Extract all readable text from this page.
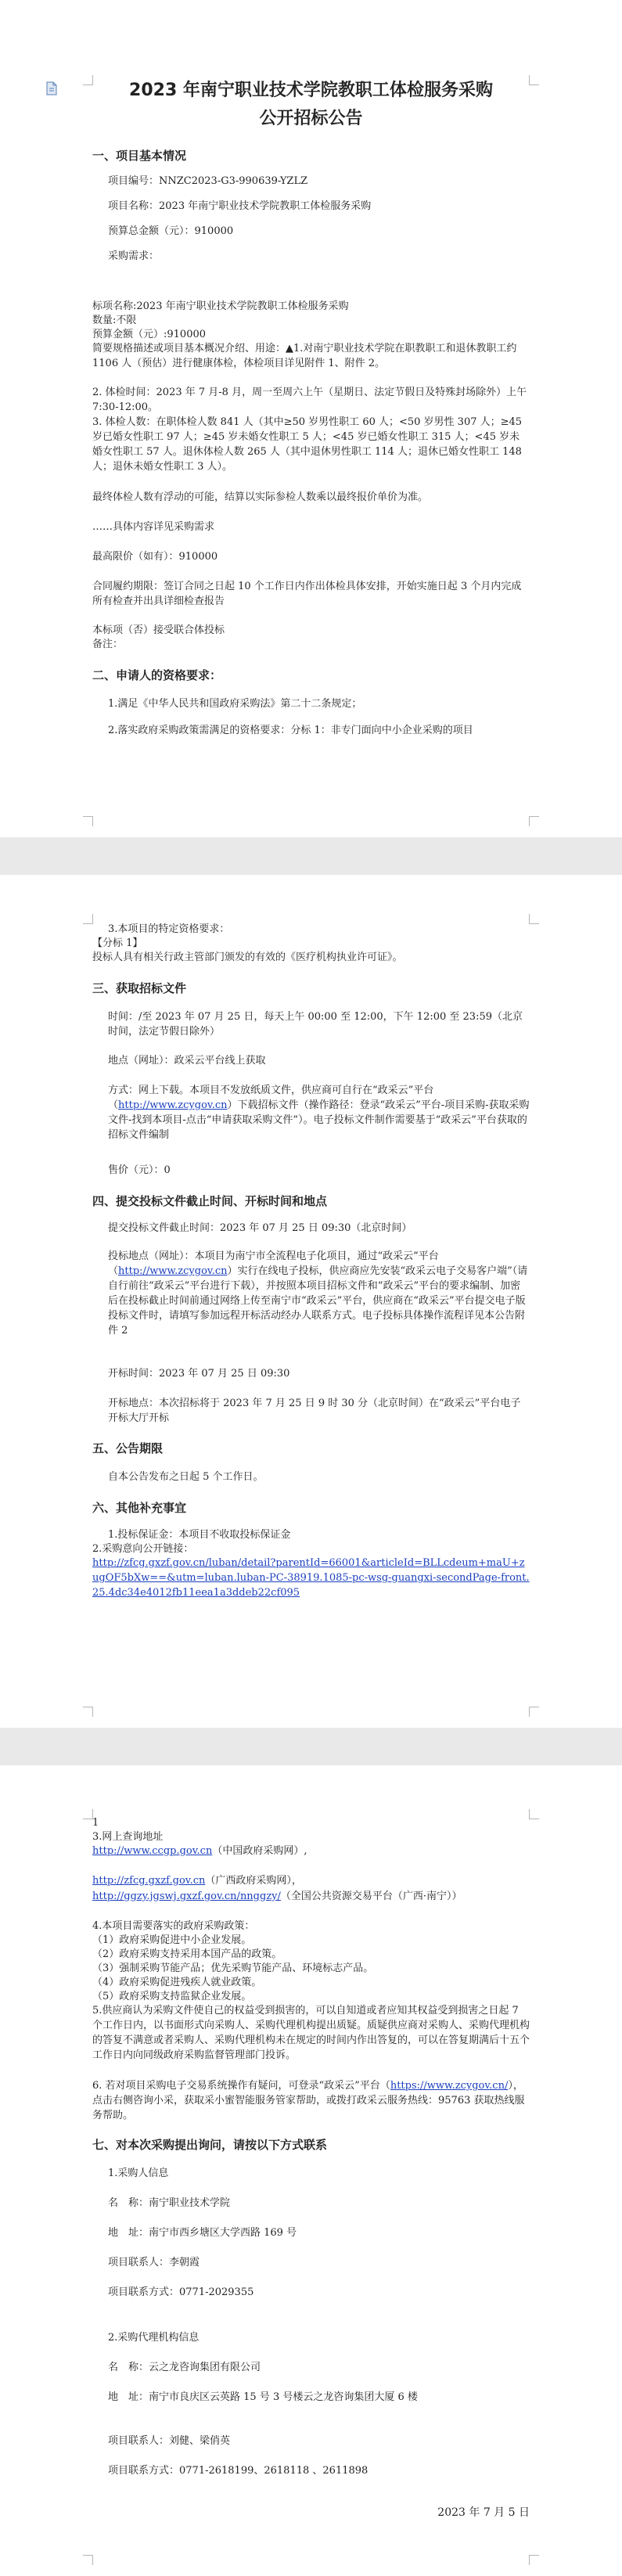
2023 年南宁职业技术学院教职工体检服务采购

公开招标公告

一、项目基本情况

项目编号：NNZC2023-G3-990639-YZLZ

项目名称：2023 年南宁职业技术学院教职工体检服务采购

预算总金额（元）：910000

采购需求：

标项名称:2023 年南宁职业技术学院教职工体检服务采购

数量:不限

预算金额（元）:910000

简要规格描述或项目基本概况介绍、用途：▲1.对南宁职业技术学院在职教职工和退休教职工约 1106 人（预估）进行健康体检，体检项目详见附件 1、附件 2。

2. 体检时间：2023 年 7 月-8 月，周一至周六上午（星期日、法定节假日及特殊封场除外）上午 7:30-12:00。

3. 体检人数：在职体检人数 841 人（其中≥50 岁男性职工 60 人；<50 岁男性 307 人；≥45 岁已婚女性职工 97 人；≥45 岁未婚女性职工 5 人；<45 岁已婚女性职工 315 人；<45 岁未婚女性职工 57 人。退休体检人数 265 人（其中退休男性职工 114 人；退休已婚女性职工 148 人；退休未婚女性职工 3 人）。

最终体检人数有浮动的可能，结算以实际参检人数乘以最终报价单价为准。

……具体内容详见采购需求

最高限价（如有）：910000

合同履约期限：签订合同之日起 10 个工作日内作出体检具体安排，开始实施日起 3 个月内完成所有检查并出具详细检查报告

本标项（否）接受联合体投标

备注：

二、申请人的资格要求：

1.满足《中华人民共和国政府采购法》第二十二条规定；

2.落实政府采购政策需满足的资格要求：分标 1：非专门面向中小企业采购的项目

3.本项目的特定资格要求：

【分标 1】

投标人具有相关行政主管部门颁发的有效的《医疗机构执业许可证》。

三、获取招标文件

时间：/至 2023 年 07 月 25 日，每天上午 00:00 至 12:00，下午 12:00 至 23:59（北京时间，法定节假日除外）

地点（网址）：政采云平台线上获取

方式：网上下载。本项目不发放纸质文件，供应商可自行在“政采云”平台（http://www.zcygov.cn）下载招标文件（操作路径：登录“政采云”平台-项目采购-获取采购文件-找到本项目-点击“申请获取采购文件”）。电子投标文件制作需要基于“政采云”平台获取的招标文件编制

售价（元）：0

四、提交投标文件截止时间、开标时间和地点

提交投标文件截止时间：2023 年 07 月 25 日 09:30（北京时间）

投标地点（网址）：本项目为南宁市全流程电子化项目，通过“政采云”平台（http://www.zcygov.cn）实行在线电子投标，供应商应先安装“政采云电子交易客户端”（请自行前往“政采云”平台进行下载），并按照本项目招标文件和“政采云”平台的要求编制、加密后在投标截止时间前通过网络上传至南宁市“政采云”平台，供应商在“政采云”平台提交电子版投标文件时，请填写参加远程开标活动经办人联系方式。电子投标具体操作流程详见本公告附件 2

开标时间：2023 年 07 月 25 日 09:30

开标地点：本次招标将于 2023 年 7 月 25 日 9 时 30 分（北京时间）在“政采云”平台电子开标大厅开标

五、公告期限

自本公告发布之日起 5 个工作日。

六、其他补充事宜

1.投标保证金：本项目不收取投标保证金

2.采购意向公开链接：

http://zfcg.gxzf.gov.cn/luban/detail?parentId=66001&articleId=BLLcdeum+maU+zugOF5bXw==&utm=luban.luban-PC-38919.1085-pc-wsg-guangxi-secondPage-front.25.4dc34e4012fb11eea1a3ddeb22cf095

1

3.网上查询地址

http://www.ccgp.gov.cn（中国政府采购网）,

http://zfcg.gxzf.gov.cn（广西政府采购网），

http://ggzy.jgswj.gxzf.gov.cn/nnggzy/（全国公共资源交易平台（广西·南宁））

4.本项目需要落实的政府采购政策：

（1）政府采购促进中小企业发展。

（2）政府采购支持采用本国产品的政策。

（3）强制采购节能产品；优先采购节能产品、环境标志产品。

（4）政府采购促进残疾人就业政策。

（5）政府采购支持监狱企业发展。

5.供应商认为采购文件使自己的权益受到损害的，可以自知道或者应知其权益受到损害之日起 7 个工作日内，以书面形式向采购人、采购代理机构提出质疑。质疑供应商对采购人、采购代理机构的答复不满意或者采购人、采购代理机构未在规定的时间内作出答复的，可以在答复期满后十五个工作日内向同级政府采购监督管理部门投诉。

6. 若对项目采购电子交易系统操作有疑问，可登录“政采云”平台（https://www.zcygov.cn/），点击右侧咨询小采，获取采小蜜智能服务管家帮助，或拨打政采云服务热线：95763 获取热线服务帮助。

七、对本次采购提出询问，请按以下方式联系

1.采购人信息

名　称：南宁职业技术学院

地　址：南宁市西乡塘区大学西路 169 号

项目联系人：李朝霞

项目联系方式：0771-2029355

2.采购代理机构信息

名　称：云之龙咨询集团有限公司

地　址：南宁市良庆区云英路 15 号 3 号楼云之龙咨询集团大厦 6 楼

项目联系人：刘健、梁俏英

项目联系方式：0771-2618199、2618118 、2611898

2023 年 7 月 5 日
